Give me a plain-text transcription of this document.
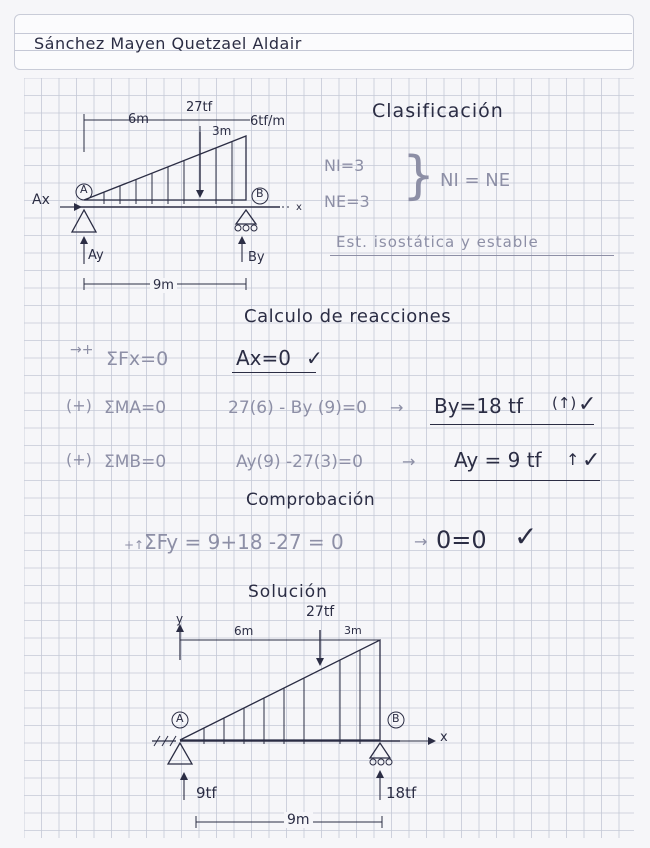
Sánchez Mayen Quetzael Aldair
6m
27tf
3m
6tf/m
Ax
A	B
x
Ay	By
9m
Clasificación
NI=3
NE=3 } NI = NE
Est. isostática y estable
Calculo de reacciones
→+ ΣFx=0	Ax=0 ✓
(+) ΣMA=0	27(6) - By (9)=0 → By=18 tf (↑) ✓
(+) ΣMB=0	Ay(9) -27(3)=0 → Ay = 9 tf ↑ ✓
Comprobación
+↑ ΣFy = 9+18 -27 = 0	→ 0=0 ✓
Solución
y	27tf
6m	3m
A	B
x
9tf	18tf
9m
